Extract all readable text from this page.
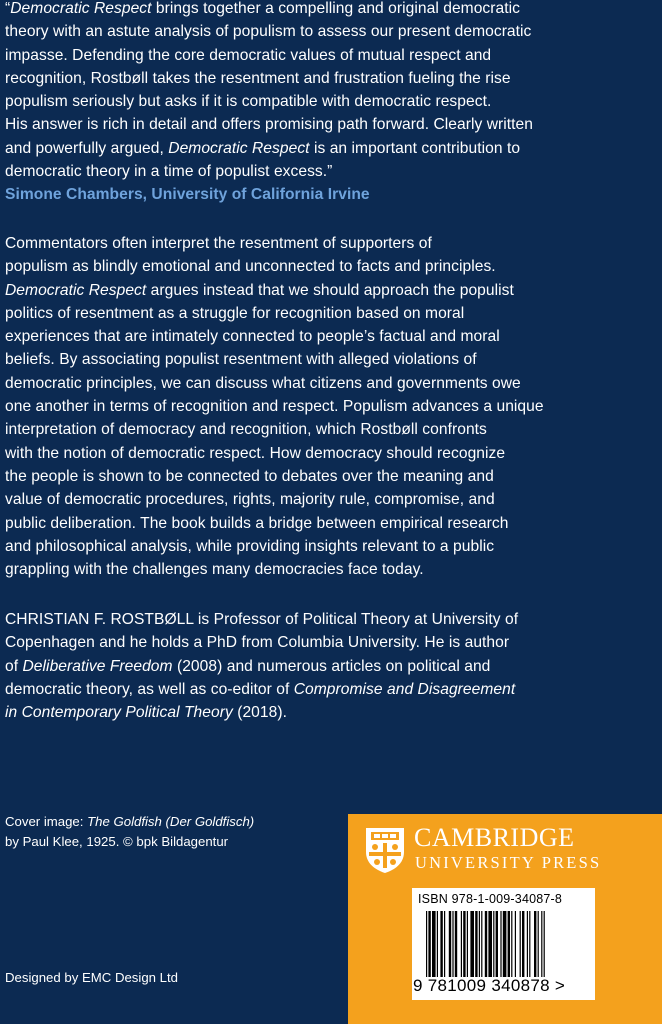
“Democratic Respect brings together a compelling and original democratic
theory with an astute analysis of populism to assess our present democratic
impasse. Defending the core democratic values of mutual respect and
recognition, Rostbøll takes the resentment and frustration fueling the rise
populism seriously but asks if it is compatible with democratic respect.
His answer is rich in detail and offers promising path forward. Clearly written
and powerfully argued, Democratic Respect is an important contribution to
democratic theory in a time of populist excess.”
Simone Chambers, University of California Irvine
Commentators often interpret the resentment of supporters of
populism as blindly emotional and unconnected to facts and principles.
Democratic Respect argues instead that we should approach the populist
politics of resentment as a struggle for recognition based on moral
experiences that are intimately connected to people’s factual and moral
beliefs. By associating populist resentment with alleged violations of
democratic principles, we can discuss what citizens and governments owe
one another in terms of recognition and respect. Populism advances a unique
interpretation of democracy and recognition, which Rostbøll confronts
with the notion of democratic respect. How democracy should recognize
the people is shown to be connected to debates over the meaning and
value of democratic procedures, rights, majority rule, compromise, and
public deliberation. The book builds a bridge between empirical research
and philosophical analysis, while providing insights relevant to a public
grappling with the challenges many democracies face today.
CHRISTIAN F. ROSTBØLL is Professor of Political Theory at University of
Copenhagen and he holds a PhD from Columbia University. He is author
of Deliberative Freedom (2008) and numerous articles on political and
democratic theory, as well as co-editor of Compromise and Disagreement
in Contemporary Political Theory (2018).
Cover image: The Goldfish (Der Goldfisch)
by Paul Klee, 1925. © bpk Bildagentur
Designed by EMC Design Ltd
CAMBRIDGE
UNIVERSITY PRESS
ISBN 978-1-009-34087-8
9 781009 340878 >
